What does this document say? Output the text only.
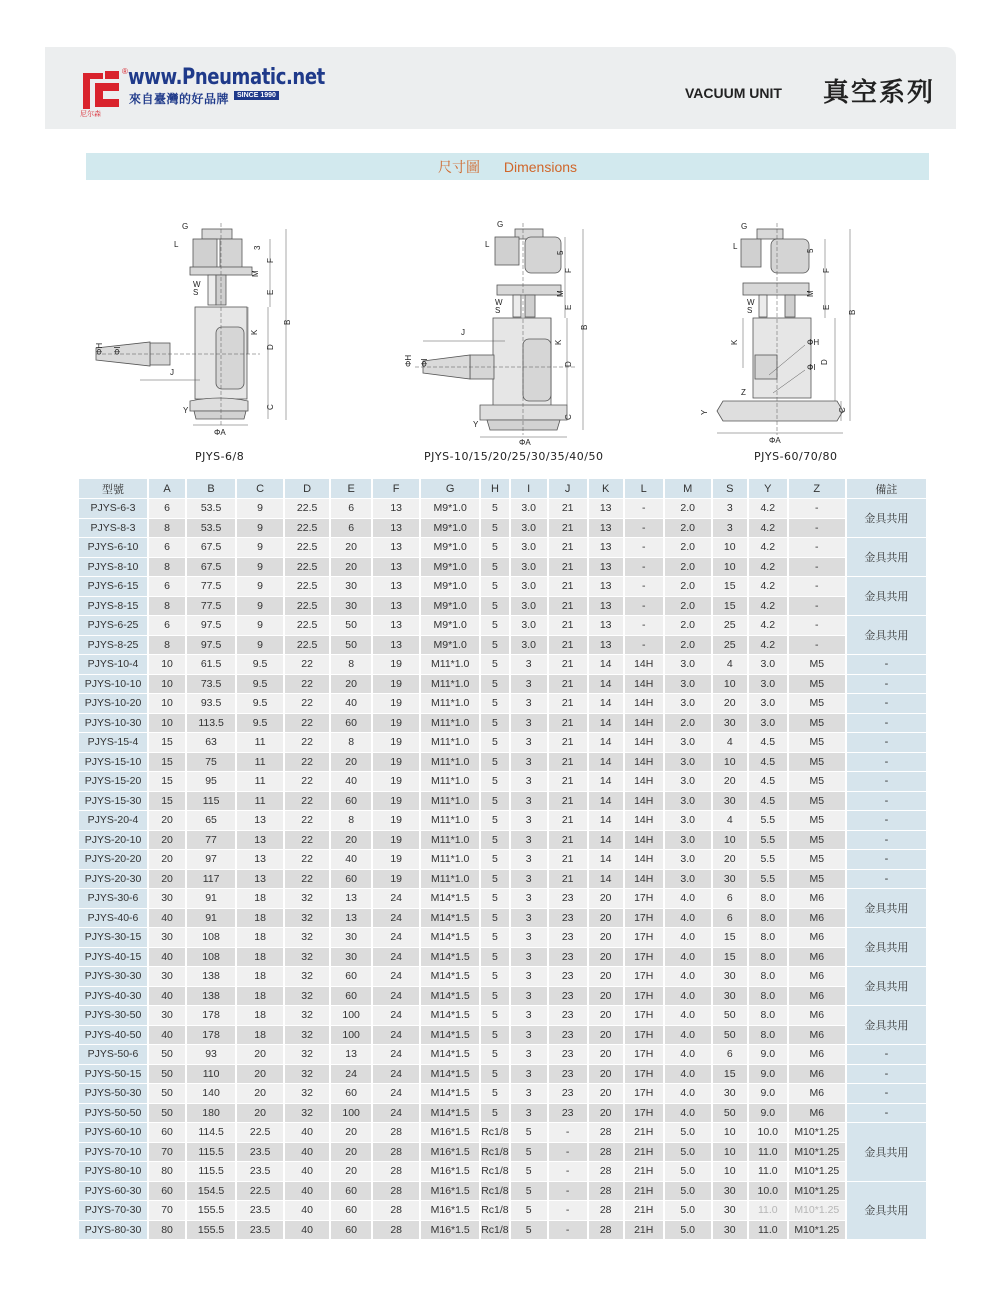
®
尼尔森
www.Pneumatic.net
來自臺灣的好品牌	SINCE 1990	VACUUM UNIT 真空系列
尺寸圖 Dimensions
G
L
W
S
J
ΦH ΦI
Y
ΦA
K
D
C
E
F
B
3
M
PJYS-6/8
G
L
W
S
J
ΦH ΦI
Y
ΦA
K
D
C
E
F
B
5
M
PJYS-10/15/20/25/30/35/40/50
G
L
W
S
ΦH
ΦI
Z
Y
ΦA
K
D
C
E
F
B
5
M
PJYS-60/70/80
型號	A	B	C	D	E	F	G	H	I	J	K	L	M	S	Y	Z	備註
PJYS-6-3	6	53.5	9	22.5	6	13	M9*1.0	5	3.0	21	13	-	2.0	3	4.2	-	金具共用
PJYS-8-3	8	53.5	9	22.5	6	13	M9*1.0	5	3.0	21	13	-	2.0	3	4.2	-	
PJYS-6-10	6	67.5	9	22.5	20	13	M9*1.0	5	3.0	21	13	-	2.0	10	4.2	-	金具共用
PJYS-8-10	8	67.5	9	22.5	20	13	M9*1.0	5	3.0	21	13	-	2.0	10	4.2	-	
PJYS-6-15	6	77.5	9	22.5	30	13	M9*1.0	5	3.0	21	13	-	2.0	15	4.2	-	金具共用
PJYS-8-15	8	77.5	9	22.5	30	13	M9*1.0	5	3.0	21	13	-	2.0	15	4.2	-	
PJYS-6-25	6	97.5	9	22.5	50	13	M9*1.0	5	3.0	21	13	-	2.0	25	4.2	-	金具共用
PJYS-8-25	8	97.5	9	22.5	50	13	M9*1.0	5	3.0	21	13	-	2.0	25	4.2	-	
PJYS-10-4	10	61.5	9.5	22	8	19	M11*1.0	5	3	21	14	14H	3.0	4	3.0	M5	-
PJYS-10-10	10	73.5	9.5	22	20	19	M11*1.0	5	3	21	14	14H	3.0	10	3.0	M5	-
PJYS-10-20	10	93.5	9.5	22	40	19	M11*1.0	5	3	21	14	14H	3.0	20	3.0	M5	-
PJYS-10-30	10	113.5	9.5	22	60	19	M11*1.0	5	3	21	14	14H	2.0	30	3.0	M5	-
PJYS-15-4	15	63	11	22	8	19	M11*1.0	5	3	21	14	14H	3.0	4	4.5	M5	-
PJYS-15-10	15	75	11	22	20	19	M11*1.0	5	3	21	14	14H	3.0	10	4.5	M5	-
PJYS-15-20	15	95	11	22	40	19	M11*1.0	5	3	21	14	14H	3.0	20	4.5	M5	-
PJYS-15-30	15	115	11	22	60	19	M11*1.0	5	3	21	14	14H	3.0	30	4.5	M5	-
PJYS-20-4	20	65	13	22	8	19	M11*1.0	5	3	21	14	14H	3.0	4	5.5	M5	-
PJYS-20-10	20	77	13	22	20	19	M11*1.0	5	3	21	14	14H	3.0	10	5.5	M5	-
PJYS-20-20	20	97	13	22	40	19	M11*1.0	5	3	21	14	14H	3.0	20	5.5	M5	-
PJYS-20-30	20	117	13	22	60	19	M11*1.0	5	3	21	14	14H	3.0	30	5.5	M5	-
PJYS-30-6	30	91	18	32	13	24	M14*1.5	5	3	23	20	17H	4.0	6	8.0	M6	金具共用
PJYS-40-6	40	91	18	32	13	24	M14*1.5	5	3	23	20	17H	4.0	6	8.0	M6	
PJYS-30-15	30	108	18	32	30	24	M14*1.5	5	3	23	20	17H	4.0	15	8.0	M6	金具共用
PJYS-40-15	40	108	18	32	30	24	M14*1.5	5	3	23	20	17H	4.0	15	8.0	M6	
PJYS-30-30	30	138	18	32	60	24	M14*1.5	5	3	23	20	17H	4.0	30	8.0	M6	金具共用
PJYS-40-30	40	138	18	32	60	24	M14*1.5	5	3	23	20	17H	4.0	30	8.0	M6	
PJYS-30-50	30	178	18	32	100	24	M14*1.5	5	3	23	20	17H	4.0	50	8.0	M6	金具共用
PJYS-40-50	40	178	18	32	100	24	M14*1.5	5	3	23	20	17H	4.0	50	8.0	M6	
PJYS-50-6	50	93	20	32	13	24	M14*1.5	5	3	23	20	17H	4.0	6	9.0	M6	-
PJYS-50-15	50	110	20	32	24	24	M14*1.5	5	3	23	20	17H	4.0	15	9.0	M6	-
PJYS-50-30	50	140	20	32	60	24	M14*1.5	5	3	23	20	17H	4.0	30	9.0	M6	-
PJYS-50-50	50	180	20	32	100	24	M14*1.5	5	3	23	20	17H	4.0	50	9.0	M6	-
PJYS-60-10	60	114.5	22.5	40	20	28	M16*1.5	Rc1/8	5	-	28	21H	5.0	10	10.0	M10*1.25	金具共用
PJYS-70-10	70	115.5	23.5	40	20	28	M16*1.5	Rc1/8	5	-	28	21H	5.0	10	11.0	M10*1.25	
PJYS-80-10	80	115.5	23.5	40	20	28	M16*1.5	Rc1/8	5	-	28	21H	5.0	10	11.0	M10*1.25	
PJYS-60-30	60	154.5	22.5	40	60	28	M16*1.5	Rc1/8	5	-	28	21H	5.0	30	10.0	M10*1.25	金具共用
PJYS-70-30	70	155.5	23.5	40	60	28	M16*1.5	Rc1/8	5	-	28	21H	5.0	30	11.0	M10*1.25	
PJYS-80-30	80	155.5	23.5	40	60	28	M16*1.5	Rc1/8	5	-	28	21H	5.0	30	11.0	M10*1.25	
